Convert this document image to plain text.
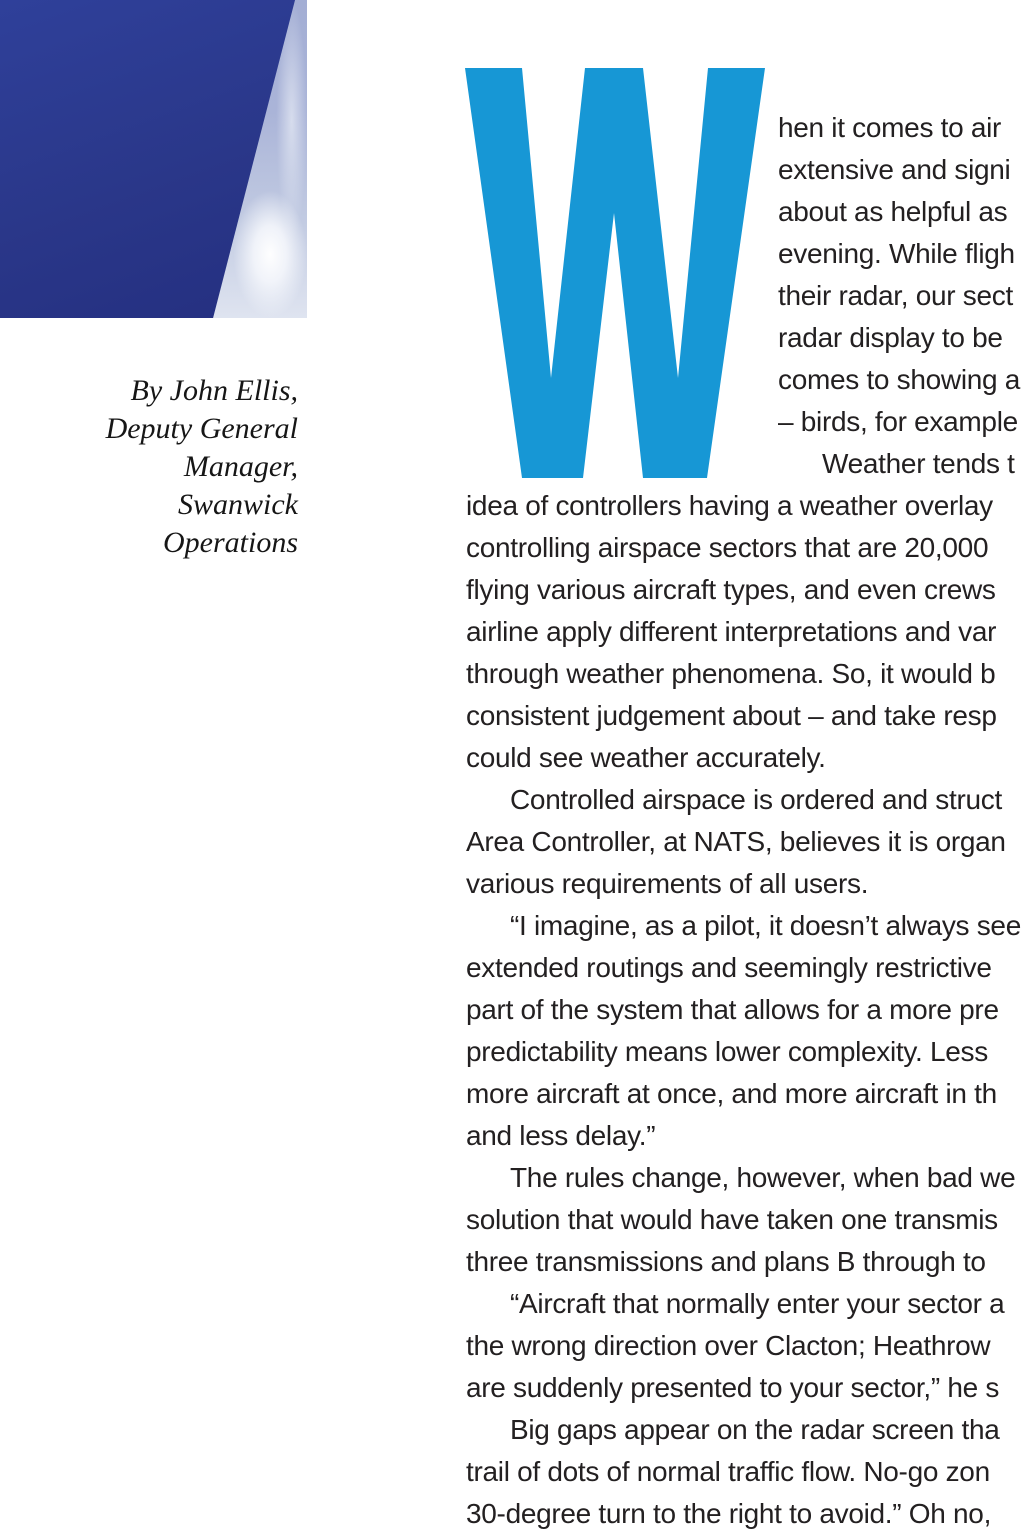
By John Ellis,
Deputy General
Manager,
Swanwick
Operations
hen it comes to air
extensive and signi
about as helpful as
evening. While fligh
their radar, our sect
radar display to be
comes to showing a
– birds, for example
Weather tends t
idea of controllers having a weather overlay
controlling airspace sectors that are 20,000
flying various aircraft types, and even crews
airline apply different interpretations and var
through weather phenomena. So, it would b
consistent judgement about – and take resp
could see weather accurately.
Controlled airspace is ordered and struct
Area Controller, at NATS, believes it is organ
various requirements of all users.
“I imagine, as a pilot, it doesn’t always see
extended routings and seemingly restrictive
part of the system that allows for a more pre
predictability means lower complexity. Less
more aircraft at once, and more aircraft in th
and less delay.”
The rules change, however, when bad we
solution that would have taken one transmis
three transmissions and plans B through to
“Aircraft that normally enter your sector a
the wrong direction over Clacton; Heathrow
are suddenly presented to your sector,” he s
Big gaps appear on the radar screen tha
trail of dots of normal traffic flow. No-go zon
30-degree turn to the right to avoid.” Oh no,
